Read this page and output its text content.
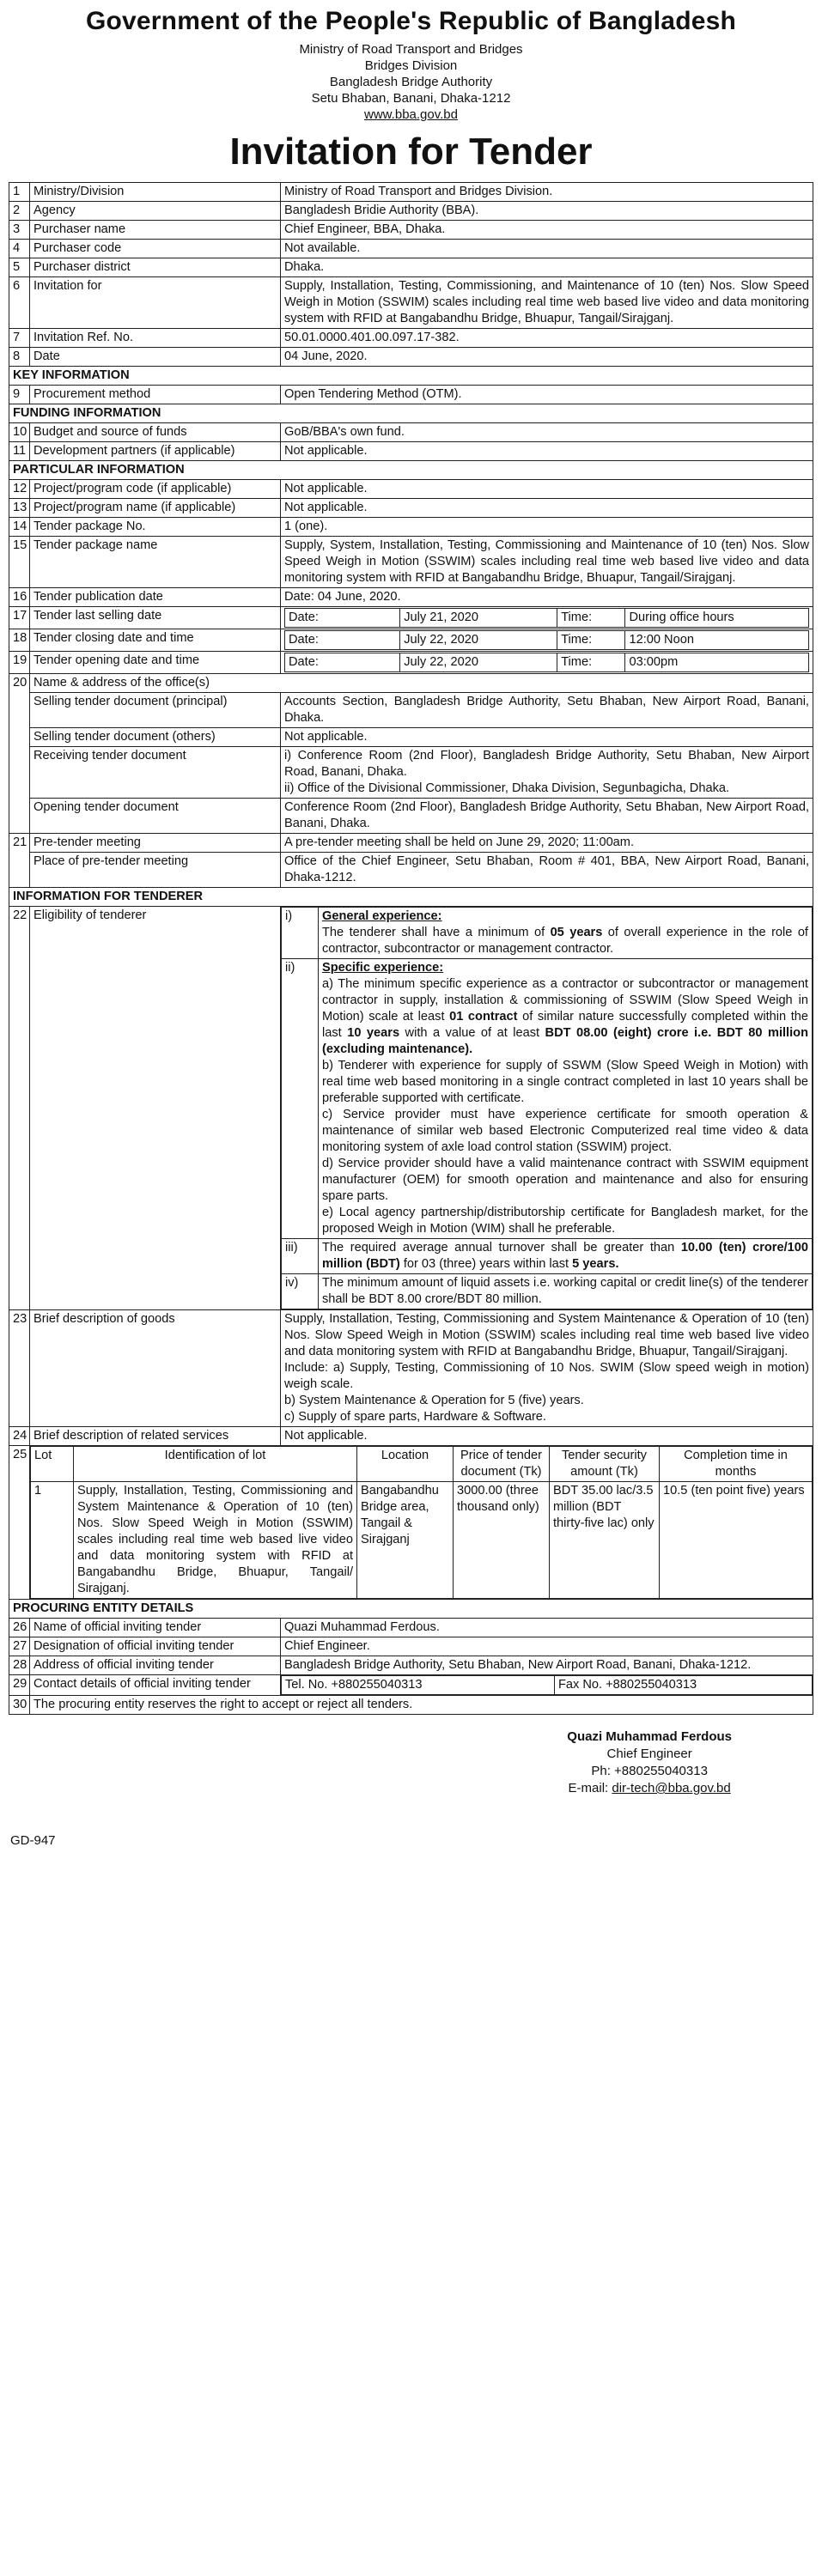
Government of the People's Republic of Bangladesh
Ministry of Road Transport and Bridges
Bridges Division
Bangladesh Bridge Authority
Setu Bhaban, Banani, Dhaka-1212
www.bba.gov.bd
Invitation for Tender
1	Ministry/Division	Ministry of Road Transport and Bridges Division.
2	Agency	Bangladesh Bridie Authority (BBA).
3	Purchaser name	Chief Engineer, BBA, Dhaka.
4	Purchaser code	Not available.
5	Purchaser district	Dhaka.
6	Invitation for	Supply, Installation, Testing, Commissioning, and Maintenance of 10 (ten) Nos. Slow Speed Weigh in Motion (SSWIM) scales including real time web based live video and data monitoring system with RFID at Bangabandhu Bridge, Bhuapur, Tangail/Sirajganj.
7	Invitation Ref. No.	50.01.0000.401.00.097.17-382.
8	Date	04 June, 2020.
KEY INFORMATION
9	Procurement method	Open Tendering Method (OTM).
FUNDING INFORMATION
10	Budget and source of funds	GoB/BBA's own fund.
11	Development partners (if applicable)	Not applicable.
PARTICULAR INFORMATION
12	Project/program code (if applicable)	Not applicable.
13	Project/program name (if applicable)	Not applicable.
14	Tender package No.	1 (one).
15	Tender package name	Supply, System, Installation, Testing, Commissioning and Maintenance of 10 (ten) Nos. Slow Speed Weigh in Motion (SSWIM) scales including real time web based live video and data monitoring system with RFID at Bangabandhu Bridge, Bhuapur, Tangail/Sirajganj.
16	Tender publication date	Date: 04 June, 2020.
17	Tender last selling date		Date:	July 21, 2020	Time:	During office hours

18	Tender closing date and time		Date:	July 22, 2020	Time:	12:00 Noon

19	Tender opening date and time		Date:	July 22, 2020	Time:	03:00pm

20	Name & address of the office(s)
Selling tender document (principal)	Accounts Section, Bangladesh Bridge Authority, Setu Bhaban, New Airport Road, Banani, Dhaka.
Selling tender document (others)	Not applicable.
Receiving tender document	i) Conference Room (2nd Floor), Bangladesh Bridge Authority, Setu Bhaban, New Airport Road, Banani, Dhaka.
ii) Office of the Divisional Commissioner, Dhaka Division, Segunbagicha, Dhaka.

Opening tender document	Conference Room (2nd Floor), Bangladesh Bridge Authority, Setu Bhaban, New Airport Road, Banani, Dhaka.
21	Pre-tender meeting	A pre-tender meeting shall be held on June 29, 2020; 11:00am.
Place of pre-tender meeting	Office of the Chief Engineer, Setu Bhaban, Room # 401, BBA, New Airport Road, Banani, Dhaka-1212.
INFORMATION FOR TENDERER
22	Eligibility of tenderer		i)	General experience:
The tenderer shall have a minimum of 05 years of overall experience in the role of contractor, subcontractor or management contractor.

ii)	Specific experience:
a) The minimum specific experience as a contractor or subcontractor or management contractor in supply, installation & commissioning of SSWIM (Slow Speed Weigh in Motion) scale at least 01 contract of similar nature successfully completed within the last 10 years with a value of at least BDT 08.00 (eight) crore i.e. BDT 80 million (excluding maintenance).
b) Tenderer with experience for supply of SSWM (Slow Speed Weigh in Motion) with real time web based monitoring in a single contract completed in last 10 years shall be preferable supported with certificate.
c) Service provider must have experience certificate for smooth operation & maintenance of similar web based Electronic Computerized real time video & data monitoring system of axle load control station (SSWIM) project.
d) Service provider should have a valid maintenance contract with SSWIM equipment manufacturer (OEM) for smooth operation and maintenance and also for ensuring spare parts.
e) Local agency partnership/distributorship certificate for Bangladesh market, for the proposed Weigh in Motion (WIM) shall he preferable.

iii)	The required average annual turnover shall be greater than 10.00 (ten) crore/100 million (BDT) for 03 (three) years within last 5 years.
iv)	The minimum amount of liquid assets i.e. working capital or credit line(s) of the tenderer shall be BDT 8.00 crore/BDT 80 million.

23	Brief description of goods	Supply, Installation, Testing, Commissioning and System Maintenance & Operation of 10 (ten) Nos. Slow Speed Weigh in Motion (SSWIM) scales including real time web based live video and data monitoring system with RFID at Bangabandhu Bridge, Bhuapur, Tangail/Sirajganj.
Include: a) Supply, Testing, Commissioning of 10 Nos. SWIM (Slow speed weigh in motion) weigh scale.
b) System Maintenance & Operation for 5 (five) years.
c) Supply of spare parts, Hardware & Software.

24	Brief description of related services	Not applicable.
25	Lot	Identification of lot	Location	Price of tender document (Tk)	Tender security amount (Tk)	Completion time in months
1	Supply, Installation, Testing, Commissioning and System Maintenance & Operation of 10 (ten) Nos. Slow Speed Weigh in Motion (SSWIM) scales including real time web based live video and data monitoring system with RFID at Bangabandhu Bridge, Bhuapur, Tangail/ Sirajganj.	Bangabandhu Bridge area, Tangail & Sirajganj	3000.00 (three thousand only)	BDT 35.00 lac/3.5 million (BDT thirty-five lac) only	10.5 (ten point five) years

PROCURING ENTITY DETAILS
26	Name of official inviting tender	Quazi Muhammad Ferdous.
27	Designation of official inviting tender	Chief Engineer.
28	Address of official inviting tender	Bangladesh Bridge Authority, Setu Bhaban, New Airport Road, Banani, Dhaka-1212.
29	Contact details of official inviting tender		Tel. No. +880255040313	Fax No. +880255040313

30	The procuring entity reserves the right to accept or reject all tenders.
Quazi Muhammad Ferdous
Chief Engineer
Ph: +880255040313
E-mail: dir-tech@bba.gov.bd
GD-947
